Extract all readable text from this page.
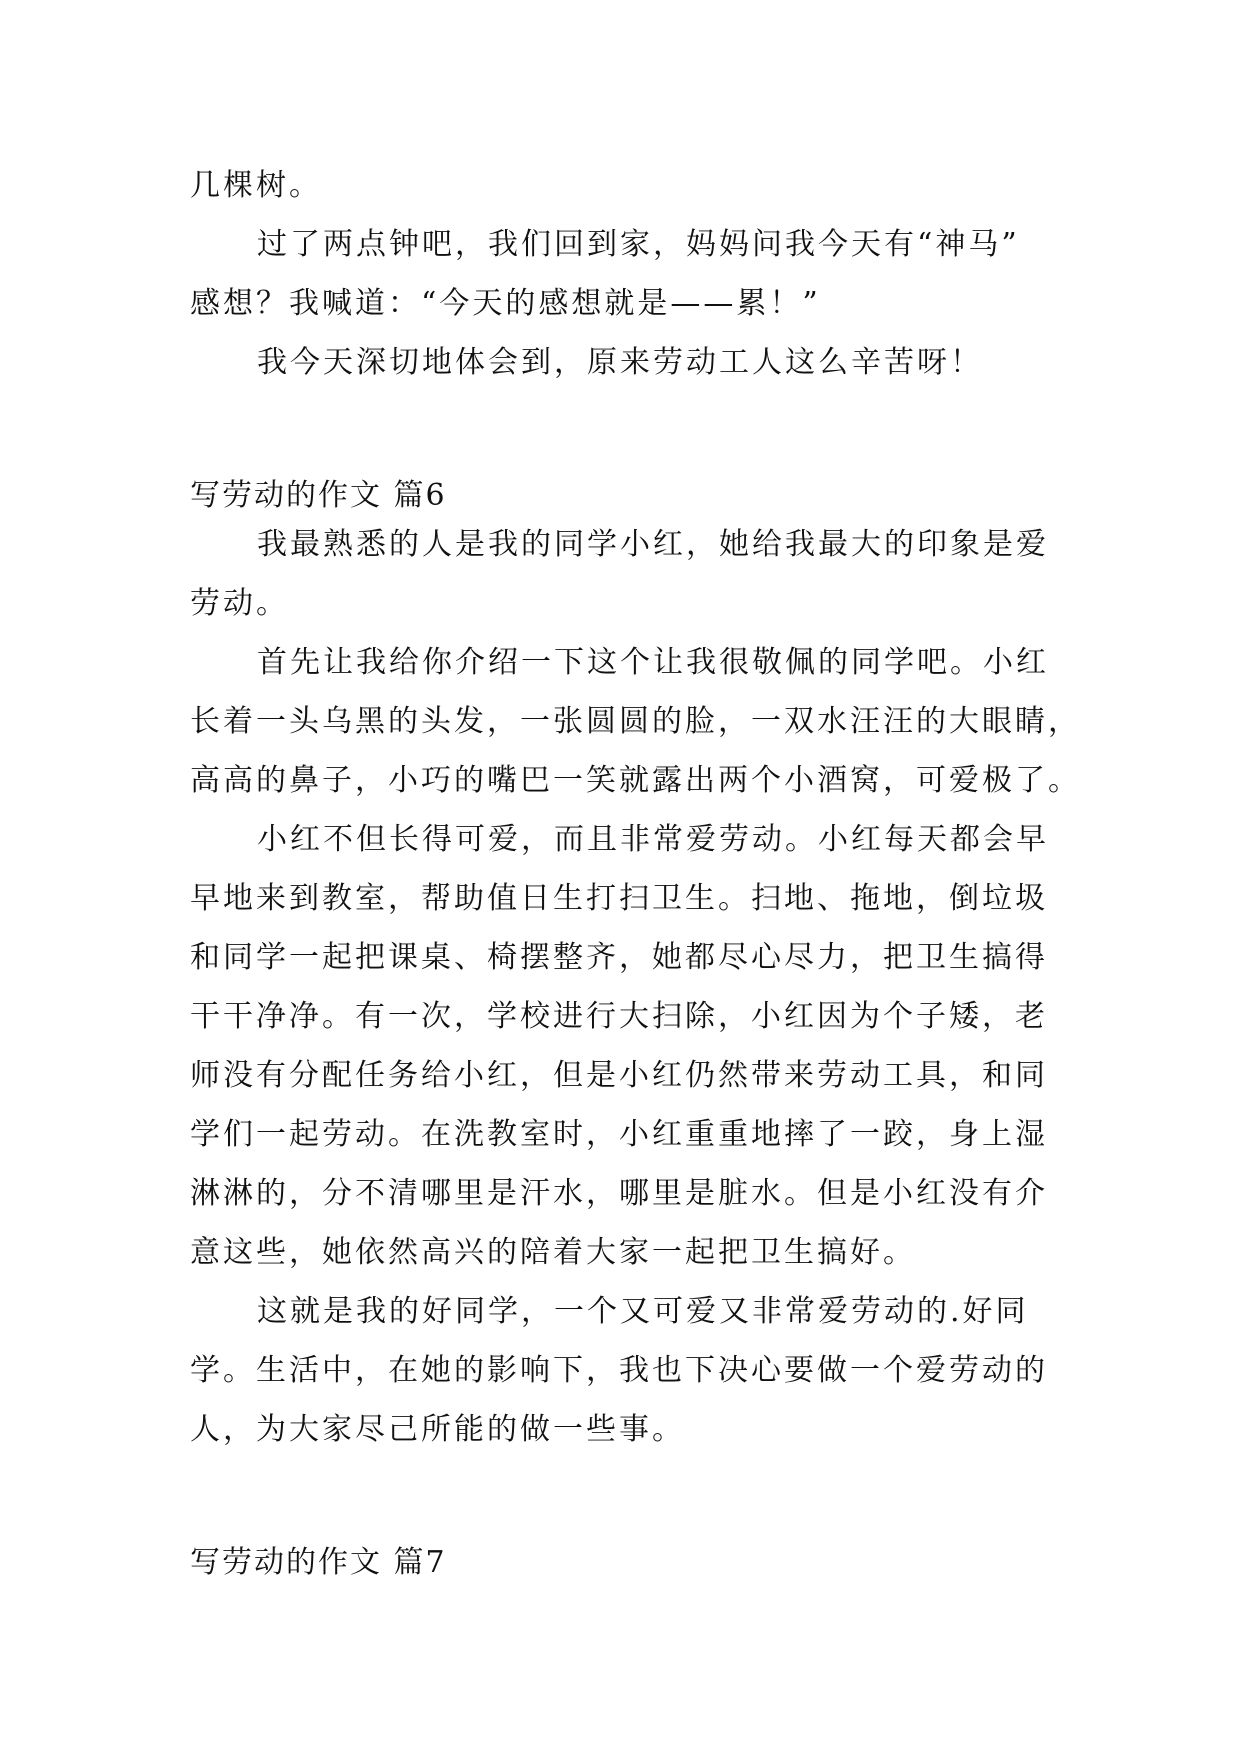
几棵树。
过了两点钟吧，我们回到家，妈妈问我今天有“神马”
感想？我喊道：“今天的感想就是——累！”
我今天深切地体会到，原来劳动工人这么辛苦呀！
写劳动的作文 篇6
我最熟悉的人是我的同学小红，她给我最大的印象是爱
劳动。
首先让我给你介绍一下这个让我很敬佩的同学吧。小红
长着一头乌黑的头发，一张圆圆的脸，一双水汪汪的大眼睛，
高高的鼻子，小巧的嘴巴一笑就露出两个小酒窝，可爱极了。
小红不但长得可爱，而且非常爱劳动。小红每天都会早
早地来到教室，帮助值日生打扫卫生。扫地、拖地，倒垃圾
和同学一起把课桌、椅摆整齐，她都尽心尽力，把卫生搞得
干干净净。有一次，学校进行大扫除，小红因为个子矮，老
师没有分配任务给小红，但是小红仍然带来劳动工具，和同
学们一起劳动。在洗教室时，小红重重地摔了一跤，身上湿
淋淋的，分不清哪里是汗水，哪里是脏水。但是小红没有介
意这些，她依然高兴的陪着大家一起把卫生搞好。
这就是我的好同学，一个又可爱又非常爱劳动的.好同
学。生活中，在她的影响下，我也下决心要做一个爱劳动的
人，为大家尽己所能的做一些事。
写劳动的作文 篇7
